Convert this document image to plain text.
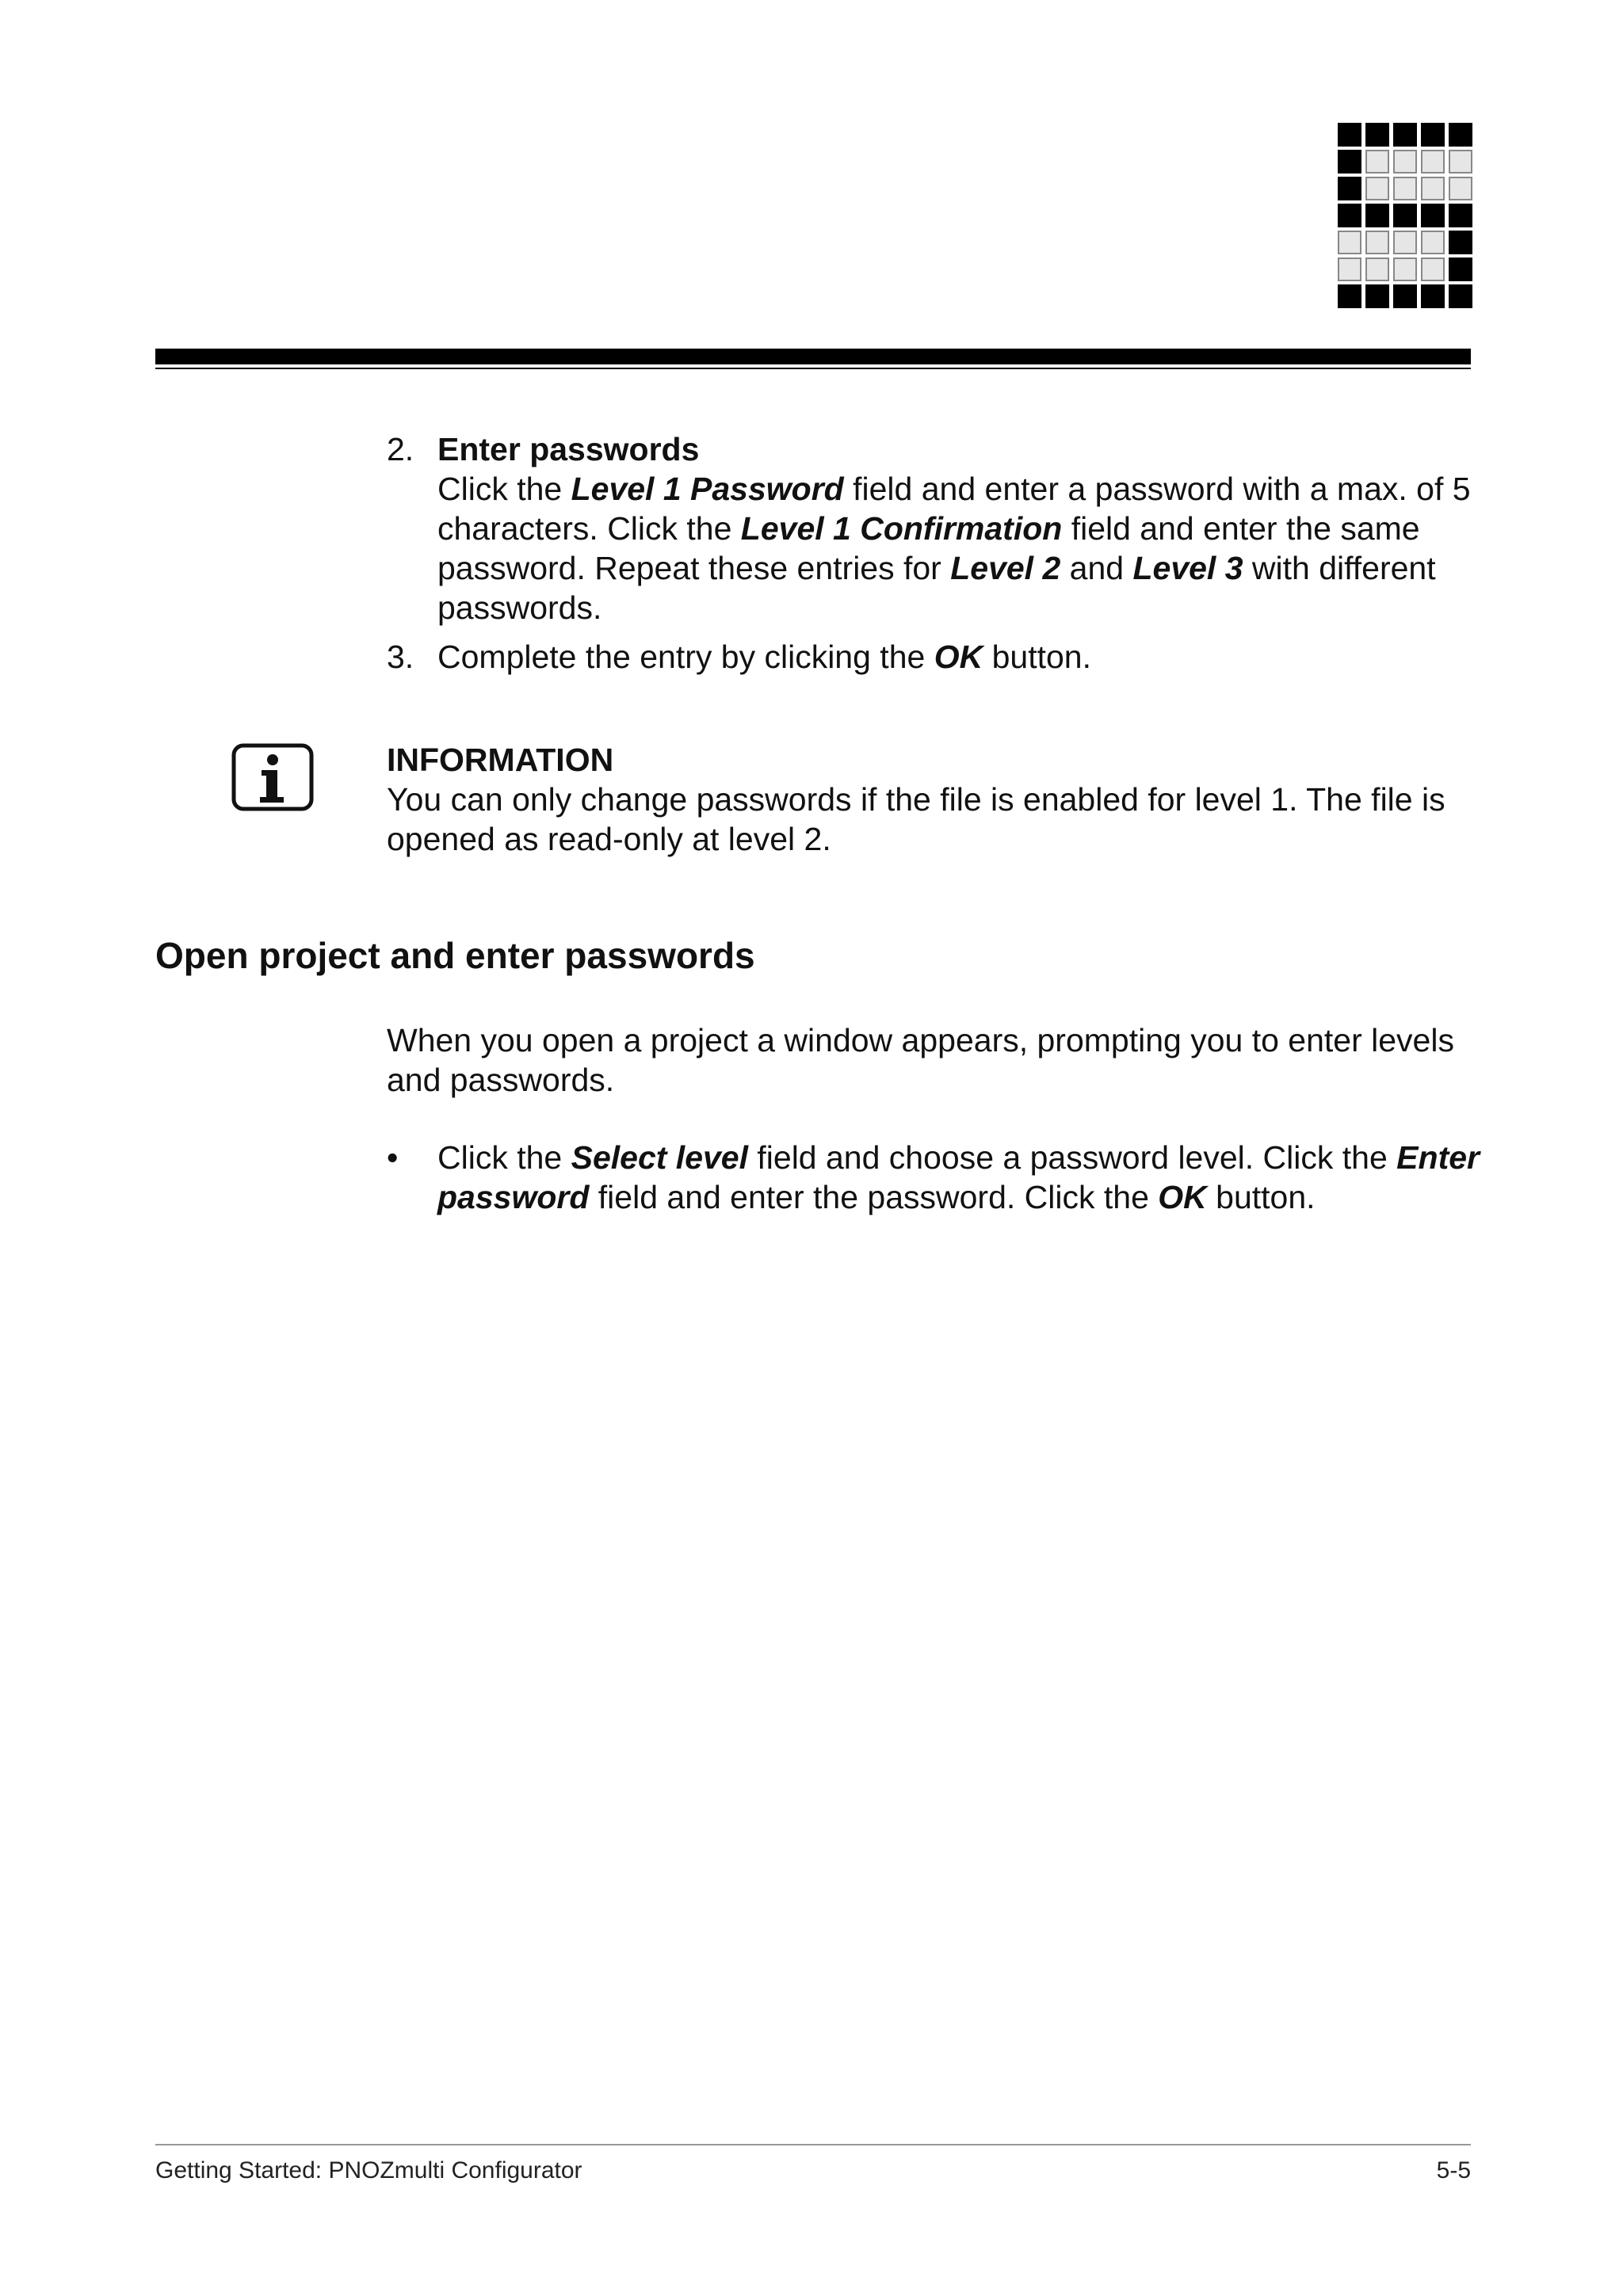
2. Enter passwords
Click the Level 1 Password field and enter a password with a max. of 5 characters. Click the Level 1 Confirmation field and enter the same password. Repeat these entries for Level 2 and Level 3 with different passwords.
3. Complete the entry by clicking the OK button.
INFORMATION
You can only change passwords if the file is enabled for level 1. The file is opened as read-only at level 2.
Open project and enter passwords
When you open a project a window appears, prompting you to enter levels and passwords.
• Click the Select level field and choose a password level. Click the Enter password field and enter the password. Click the OK button.
Getting Started: PNOZmulti Configurator	5-5
